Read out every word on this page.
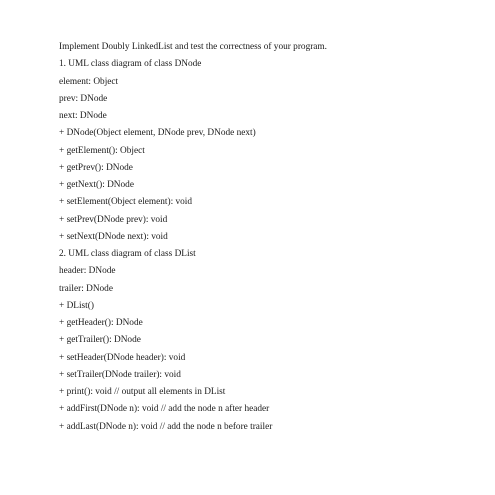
Implement Doubly LinkedList and test the correctness of your program.
1. UML class diagram of class DNode
element: Object
prev: DNode
next: DNode
+ DNode(Object element, DNode prev, DNode next)
+ getElement(): Object
+ getPrev(): DNode
+ getNext(): DNode
+ setElement(Object element): void
+ setPrev(DNode prev): void
+ setNext(DNode next): void
2. UML class diagram of class DList
header: DNode
trailer: DNode
+ DList()
+ getHeader(): DNode
+ getTrailer(): DNode
+ setHeader(DNode header): void
+ setTrailer(DNode trailer): void
+ print(): void // output all elements in DList
+ addFirst(DNode n): void // add the node n after header
+ addLast(DNode n): void // add the node n before trailer
